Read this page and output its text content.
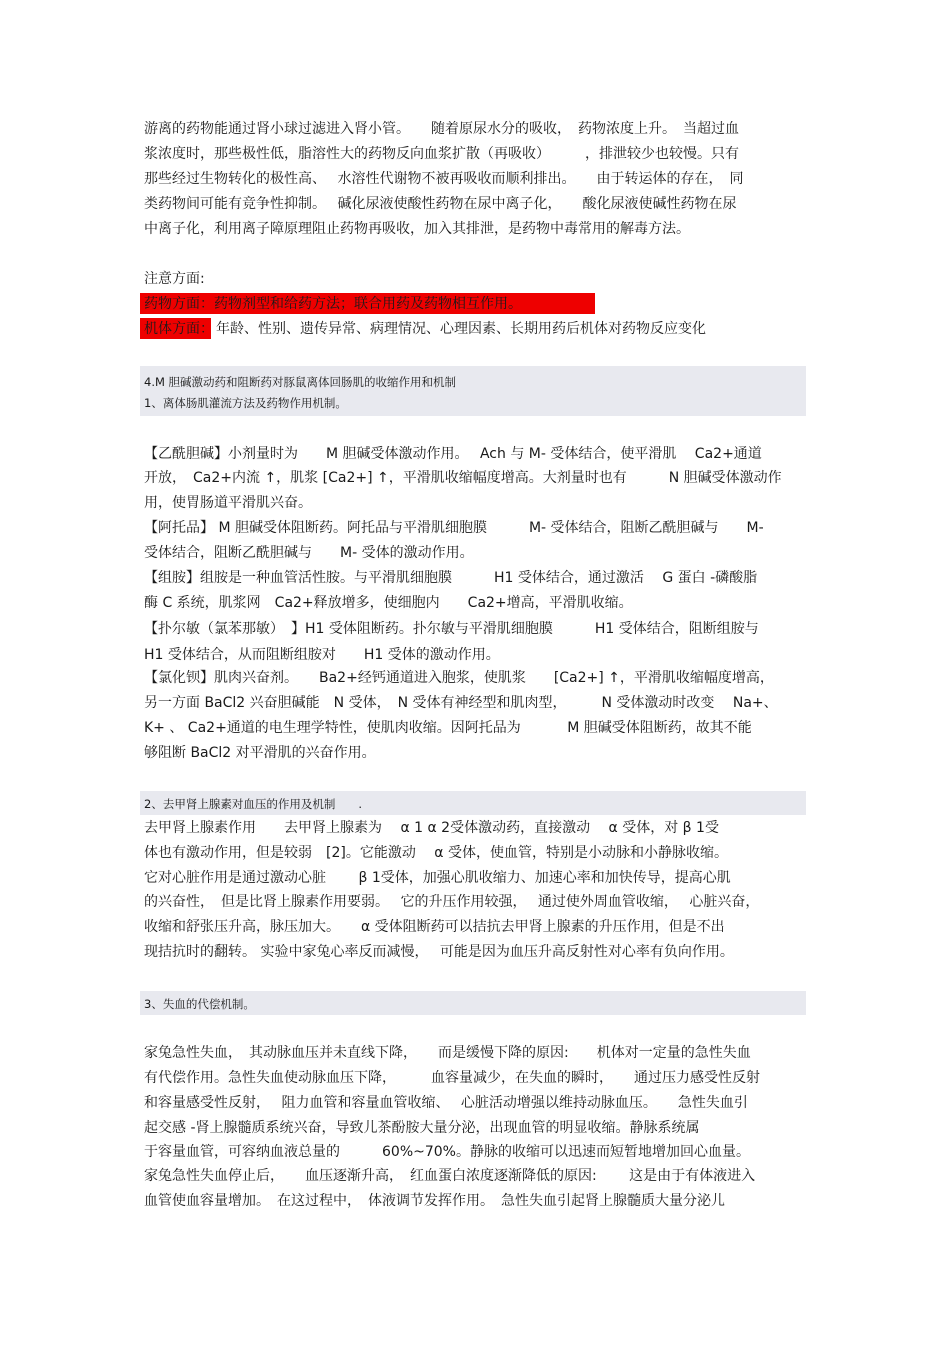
游离的药物能通过肾小球过滤进入肾小管。　　随着原尿水分的吸收，　药物浓度上升。　当超过血
浆浓度时，那些极性低，脂溶性大的药物反向血浆扩散（再吸收）　　　，排泄较少也较慢。只有
那些经过生物转化的极性高、　 水溶性代谢物不被再吸收而顺利排出。　　由于转运体的存在，　同
类药物间可能有竞争性抑制。　 碱化尿液使酸性药物在尿中离子化，　　酸化尿液使碱性药物在尿
中离子化，利用离子障原理阻止药物再吸收，加入其排泄，是药物中毒常用的解毒方法。
注意方面:
药物方面：药物剂型和给药方法；联合用药及药物相互作用。
机体方面： 年龄、性别、遗传异常、病理情况、心理因素、长期用药后机体对药物反应变化
4.M 胆碱激动药和阻断药对豚鼠离体回肠肌的收缩作用和机制
1、离体肠肌灌流方法及药物作用机制。
【乙酰胆碱】小剂量时为　　M 胆碱受体激动作用。　 Ach 与 M- 受体结合，使平滑肌　 Ca2+通道
开放，　Ca2+内流 ↑，肌浆 [Ca2+] ↑，平滑肌收缩幅度增高。大剂量时也有　　　N 胆碱受体激动作
用，使胃肠道平滑肌兴奋。
【阿托品】 M 胆碱受体阻断药。阿托品与平滑肌细胞膜　　　M- 受体结合，阻断乙酰胆碱与　　M-
受体结合，阻断乙酰胆碱与　　M- 受体的激动作用。
【组胺】组胺是一种血管活性胺。与平滑肌细胞膜　　　H1 受体结合，通过激活　 G 蛋白 -磷酸脂
酶 C 系统，肌浆网　Ca2+释放增多，使细胞内　　Ca2+增高，平滑肌收缩。
【扑尔敏（氯苯那敏）　】H1 受体阻断药。扑尔敏与平滑肌细胞膜　　　H1 受体结合，阻断组胺与
H1 受体结合，从而阻断组胺对　　H1 受体的激动作用。
【氯化钡】肌肉兴奋剂。　　Ba2+经钙通道进入胞浆，使肌浆　　[Ca2+] ↑，平滑肌收缩幅度增高，
另一方面 BaCl2 兴奋胆碱能　N 受体，　N 受体有神经型和肌肉型，　　　N 受体激动时改变　 Na+、
K+ 、 Ca2+通道的电生理学特性，使肌肉收缩。因阿托品为　　　 M 胆碱受体阻断药，故其不能
够阻断 BaCl2 对平滑肌的兴奋作用。
2、去甲肾上腺素对血压的作用及机制　　.
去甲肾上腺素作用　　去甲肾上腺素为　 α 1 α 2受体激动药，直接激动　 α 受体，对 β 1受
体也有激动作用，但是较弱　[2]。它能激动　 α 受体，使血管，特别是小动脉和小静脉收缩。
它对心脏作用是通过激动心脏　　 β 1受体，加强心肌收缩力、加速心率和加快传导，提高心肌
的兴奋性，　但是比肾上腺素作用要弱。　 它的升压作用较强，　 通过使外周血管收缩，　 心脏兴奋，
收缩和舒张压升高，脉压加大。　　α 受体阻断药可以拮抗去甲肾上腺素的升压作用，但是不出
现拮抗时的翻转。 实验中家兔心率反而减慢，　 可能是因为血压升高反射性对心率有负向作用。
3、失血的代偿机制。
家兔急性失血，　其动脉血压并未直线下降，　　而是缓慢下降的原因:　　机体对一定量的急性失血
有代偿作用。急性失血使动脉血压下降，　　　血容量减少，在失血的瞬时，　　通过压力感受性反射
和容量感受性反射，　 阻力血管和容量血管收缩、　 心脏活动增强以维持动脉血压。　　急性失血引
起交感 -肾上腺髓质系统兴奋，导致儿茶酚胺大量分泌，出现血管的明显收缩。静脉系统属
于容量血管，可容纳血液总量的　　　60%~70%。静脉的收缩可以迅速而短暂地增加回心血量。
家兔急性失血停止后，　　血压逐渐升高，　红血蛋白浓度逐渐降低的原因:　　 这是由于有体液进入
血管使血容量增加。　在这过程中，　体液调节发挥作用。　急性失血引起肾上腺髓质大量分泌儿
